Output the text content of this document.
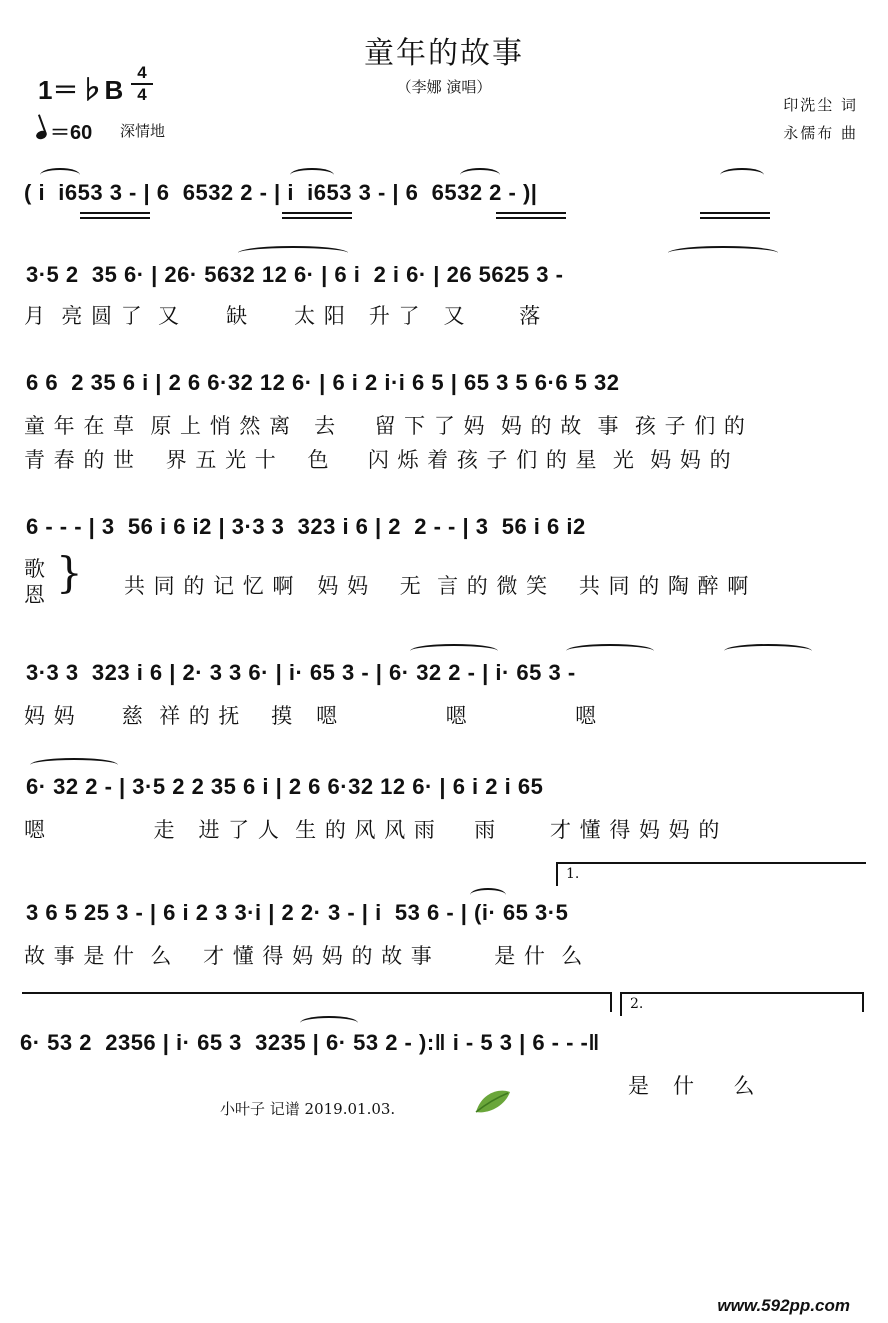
童年的故事
（李娜 演唱）
1＝♭B
4
4
＝60 深情地
印洗尘 词
永儒布 曲
( i  i653 3 - | 6  6532 2 - | i  i653 3 - | 6  6532 2 - )|
3·5 2  35 6· | 26· 5632 12 6· | 6 i  2 i 6· | 26 5625 3 -
月  亮 圆 了  又      缺      太 阳   升 了   又       落
6 6  2 35 6 i | 2 6 6·32 12 6· | 6 i 2 i·i 6 5 | 65 3 5 6·6 5 32
童 年 在 草  原 上 悄 然 离   去     留 下 了 妈  妈 的 故  事  孩 子 们 的
青 春 的 世    界 五 光 十    色     闪 烁 着 孩 子 们 的 星  光  妈 妈 的
6 - - - | 3  56 i 6 i2 | 3·3 3  323 i 6 | 2  2 - - | 3  56 i 6 i2
歌
恩 } 共 同 的 记 忆 啊   妈 妈    无  言 的 微 笑    共 同 的 陶 醉 啊
3·3 3  323 i 6 | 2· 3 3 6· | i· 65 3 - | 6· 32 2 - | i· 65 3 -
妈 妈      慈  祥 的 抚    摸   嗯              嗯              嗯
6· 32 2 - | 3·5 2 2 35 6 i | 2 6 6·32 12 6· | 6 i 2 i 65
嗯              走   进 了 人  生 的 风 风 雨     雨       才 懂 得 妈 妈 的
1.
3 6 5 25 3 - | 6 i 2 3 3·i | 2 2· 3 - | i  53 6 - | (i· 65 3·5
故 事 是 什  么    才 懂 得 妈 妈 的 故 事        是 什  么
2.
6· 53 2  2356 | i· 65 3  3235 | 6· 53 2 - ):‖ i - 5 3 | 6 - - -‖
是   什     么
小叶子 记谱 2019.01.03.
www.592pp.com
